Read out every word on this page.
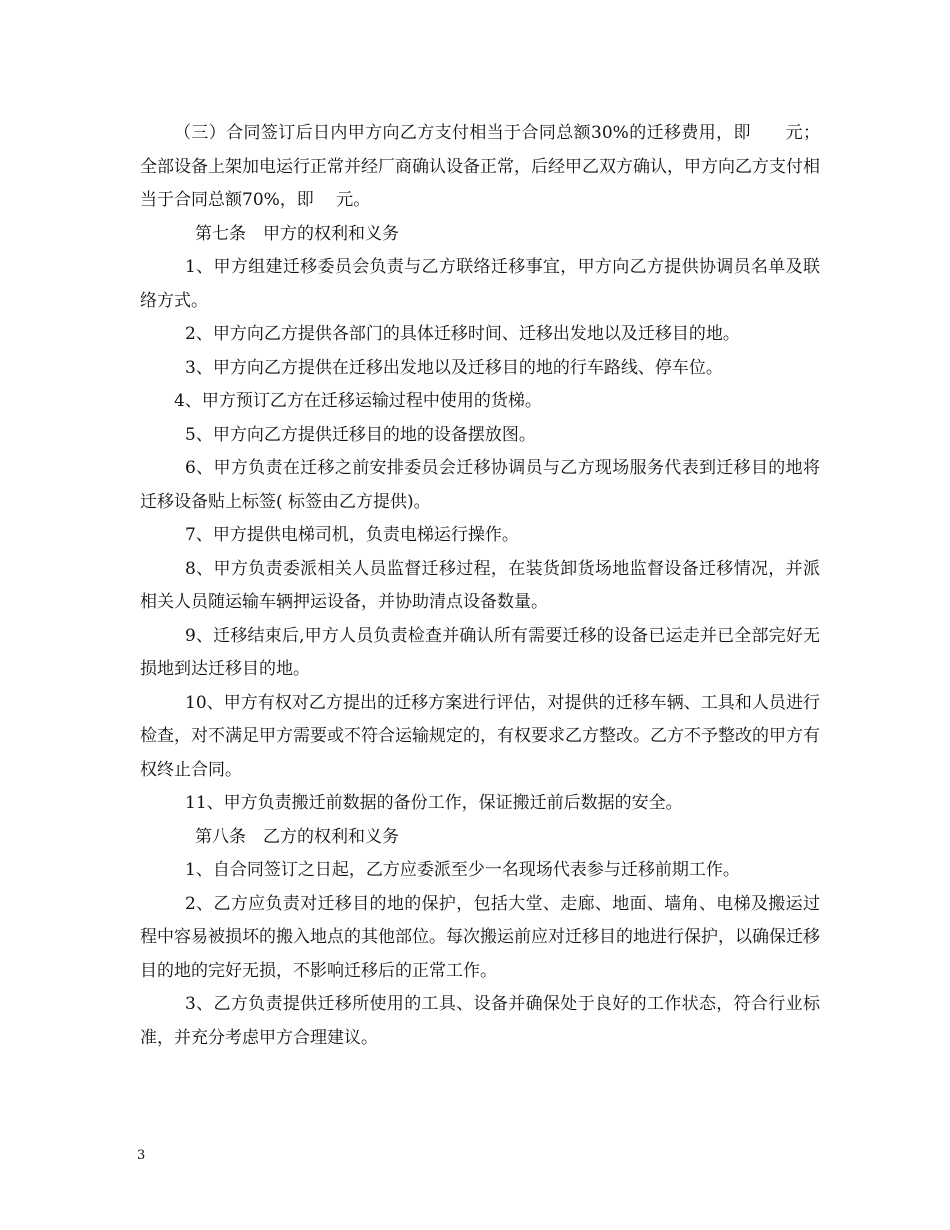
（三）合同签订后日内甲方向乙方支付相当于合同总额30%的迁移费用，即　　元；全部设备上架加电运行正常并经厂商确认设备正常，后经甲乙双方确认，甲方向乙方支付相当于合同总额70%，即　 元。

第七条　甲方的权利和义务

1、甲方组建迁移委员会负责与乙方联络迁移事宜，甲方向乙方提供协调员名单及联络方式。

2、甲方向乙方提供各部门的具体迁移时间、迁移出发地以及迁移目的地。

3、甲方向乙方提供在迁移出发地以及迁移目的地的行车路线、停车位。

4、甲方预订乙方在迁移运输过程中使用的货梯。

5、甲方向乙方提供迁移目的地的设备摆放图。

6、甲方负责在迁移之前安排委员会迁移协调员与乙方现场服务代表到迁移目的地将迁移设备贴上标签( 标签由乙方提供)。

7、甲方提供电梯司机，负责电梯运行操作。

8、甲方负责委派相关人员监督迁移过程，在装货卸货场地监督设备迁移情况，并派相关人员随运输车辆押运设备，并协助清点设备数量。

9、迁移结束后,甲方人员负责检查并确认所有需要迁移的设备已运走并已全部完好无损地到达迁移目的地。

10、甲方有权对乙方提出的迁移方案进行评估，对提供的迁移车辆、工具和人员进行检查，对不满足甲方需要或不符合运输规定的，有权要求乙方整改。乙方不予整改的甲方有权终止合同。

11、甲方负责搬迁前数据的备份工作，保证搬迁前后数据的安全。

第八条　乙方的权利和义务

1、自合同签订之日起，乙方应委派至少一名现场代表参与迁移前期工作。

2、乙方应负责对迁移目的地的保护，包括大堂、走廊、地面、墙角、电梯及搬运过程中容易被损坏的搬入地点的其他部位。每次搬运前应对迁移目的地进行保护，以确保迁移目的地的完好无损，不影响迁移后的正常工作。

3、乙方负责提供迁移所使用的工具、设备并确保处于良好的工作状态，符合行业标准，并充分考虑甲方合理建议。

3
